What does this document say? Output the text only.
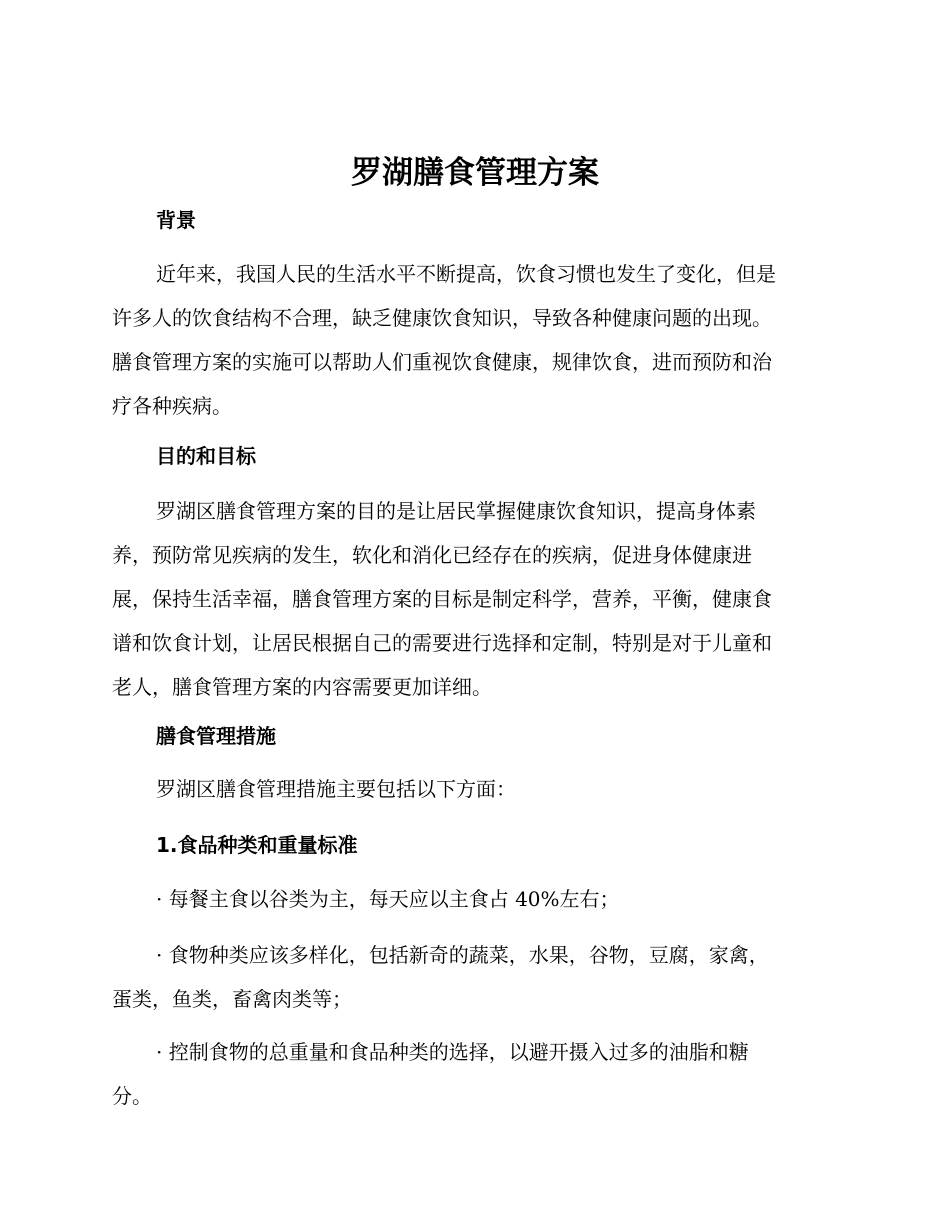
罗湖膳食管理方案
背景

近年来，我国人民的生活水平不断提高，饮食习惯也发生了变化，但是
许多人的饮食结构不合理，缺乏健康饮食知识，导致各种健康问题的出现。
膳食管理方案的实施可以帮助人们重视饮食健康，规律饮食，进而预防和治
疗各种疾病。

目的和目标

罗湖区膳食管理方案的目的是让居民掌握健康饮食知识，提高身体素
养，预防常见疾病的发生，软化和消化已经存在的疾病，促进身体健康进
展，保持生活幸福，膳食管理方案的目标是制定科学，营养，平衡，健康食
谱和饮食计划，让居民根据自己的需要进行选择和定制，特别是对于儿童和
老人，膳食管理方案的内容需要更加详细。

膳食管理措施

罗湖区膳食管理措施主要包括以下方面：

1.食品种类和重量标准

· 每餐主食以谷类为主，每天应以主食占 40%左右；

· 食物种类应该多样化，包括新奇的蔬菜，水果，谷物，豆腐，家禽，
蛋类，鱼类，畜禽肉类等；

· 控制食物的总重量和食品种类的选择，以避开摄入过多的油脂和糖
分。
